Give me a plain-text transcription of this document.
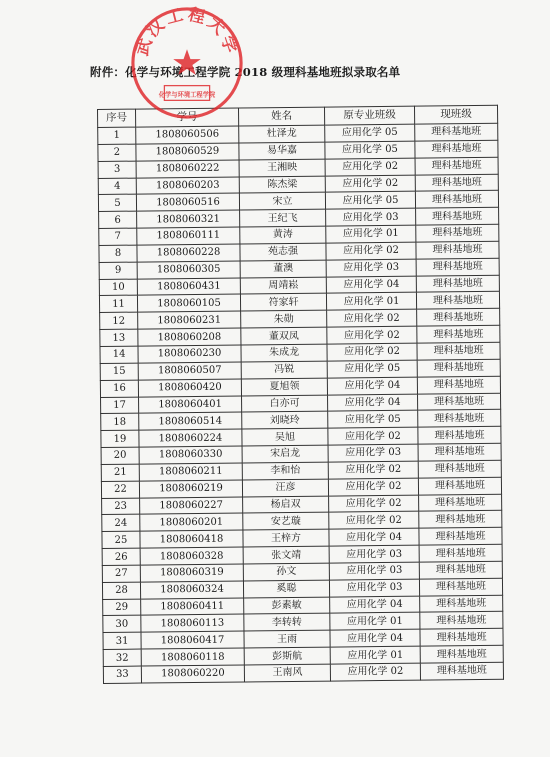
附件：化学与环境工程学院 2018 级理科基地班拟录取名单
序号	学号	姓名	原专业班级	现班级
1	1808060506	杜泽龙	应用化学 05	理科基地班
2	1808060529	易华嘉	应用化学 05	理科基地班
3	1808060222	王湘映	应用化学 02	理科基地班
4	1808060203	陈杰梁	应用化学 02	理科基地班
5	1808060516	宋立	应用化学 05	理科基地班
6	1808060321	王纪飞	应用化学 03	理科基地班
7	1808060111	黄涛	应用化学 01	理科基地班
8	1808060228	苑志强	应用化学 02	理科基地班
9	1808060305	董澳	应用化学 03	理科基地班
10	1808060431	周靖崧	应用化学 04	理科基地班
11	1808060105	符家轩	应用化学 01	理科基地班
12	1808060231	朱勋	应用化学 02	理科基地班
13	1808060208	董双凤	应用化学 02	理科基地班
14	1808060230	朱成龙	应用化学 02	理科基地班
15	1808060507	冯锐	应用化学 05	理科基地班
16	1808060420	夏旭领	应用化学 04	理科基地班
17	1808060401	白亦可	应用化学 04	理科基地班
18	1808060514	刘晓玲	应用化学 05	理科基地班
19	1808060224	吴旭	应用化学 02	理科基地班
20	1808060330	宋启龙	应用化学 03	理科基地班
21	1808060211	李和怡	应用化学 02	理科基地班
22	1808060219	汪彦	应用化学 02	理科基地班
23	1808060227	杨启双	应用化学 02	理科基地班
24	1808060201	安艺璇	应用化学 02	理科基地班
25	1808060418	王梓方	应用化学 04	理科基地班
26	1808060328	张文靖	应用化学 03	理科基地班
27	1808060319	孙文	应用化学 03	理科基地班
28	1808060324	奚聪	应用化学 03	理科基地班
29	1808060411	彭素敏	应用化学 04	理科基地班
30	1808060113	李转转	应用化学 01	理科基地班
31	1808060417	王雨	应用化学 04	理科基地班
32	1808060118	彭斯航	应用化学 01	理科基地班
33	1808060220	王南风	应用化学 02	理科基地班
武汉工程大学
化学与环境工程学院
